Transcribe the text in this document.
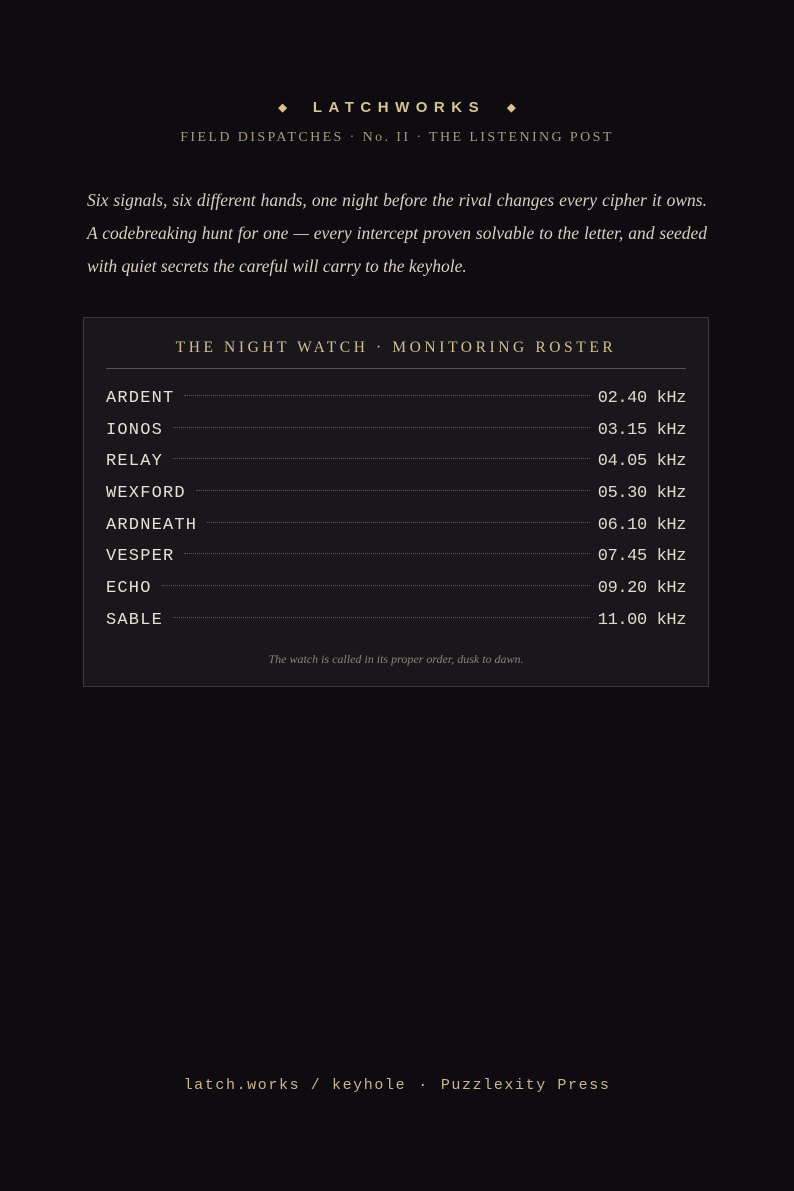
◆ LATCHWORKS ◆
FIELD DISPATCHES · No. II · THE LISTENING POST

Six signals, six different hands, one night before the rival changes every cipher it owns. A codebreaking hunt for one — every intercept proven solvable to the letter, and seeded with quiet secrets the careful will carry to the keyhole.

THE NIGHT WATCH · MONITORING ROSTER
ARDENT	02.40 kHz
IONOS	03.15 kHz
RELAY	04.05 kHz
WEXFORD	05.30 kHz
ARDNEATH	06.10 kHz
VESPER	07.45 kHz
ECHO	09.20 kHz
SABLE	11.00 kHz
The watch is called in its proper order, dusk to dawn.
latch.works / keyhole · Puzzlexity Press
